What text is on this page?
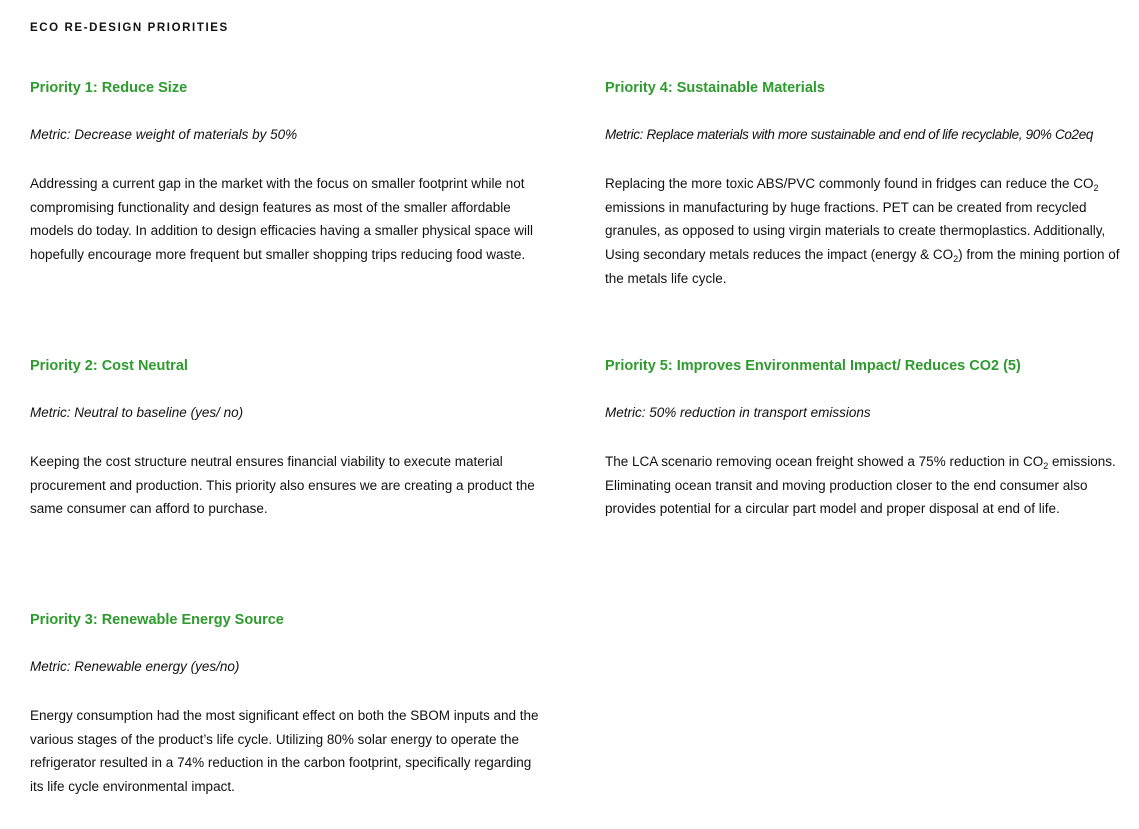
ECO RE-DESIGN PRIORITIES

Priority 1: Reduce Size

Metric: Decrease weight of materials by 50%

Addressing a current gap in the market with the focus on smaller footprint while not
compromising functionality and design features as most of the smaller affordable
models do today. In addition to design efficacies having a smaller physical space will
hopefully encourage more frequent but smaller shopping trips reducing food waste.

Priority 2: Cost Neutral

Metric: Neutral to baseline (yes/ no)

Keeping the cost structure neutral ensures financial viability to execute material
procurement and production. This priority also ensures we are creating a product the
same consumer can afford to purchase.

Priority 3: Renewable Energy Source

Metric: Renewable energy (yes/no)

Energy consumption had the most significant effect on both the SBOM inputs and the
various stages of the product’s life cycle. Utilizing 80% solar energy to operate the
refrigerator resulted in a 74% reduction in the carbon footprint, specifically regarding
its life cycle environmental impact.

Priority 4: Sustainable Materials

Metric: Replace materials with more sustainable and end of life recyclable, 90% Co2eq

Replacing the more toxic ABS/PVC commonly found in fridges can reduce the $CO_2$
emissions in manufacturing by huge fractions. PET can be created from recycled
granules, as opposed to using virgin materials to create thermoplastics. Additionally,
Using secondary metals reduces the impact (energy & $CO_2$) from the mining portion of
the metals life cycle.

Priority 5: Improves Environmental Impact/ Reduces CO2 (5)

Metric: 50% reduction in transport emissions

The LCA scenario removing ocean freight showed a 75% reduction in $CO_2$ emissions.
Eliminating ocean transit and moving production closer to the end consumer also
provides potential for a circular part model and proper disposal at end of life.
